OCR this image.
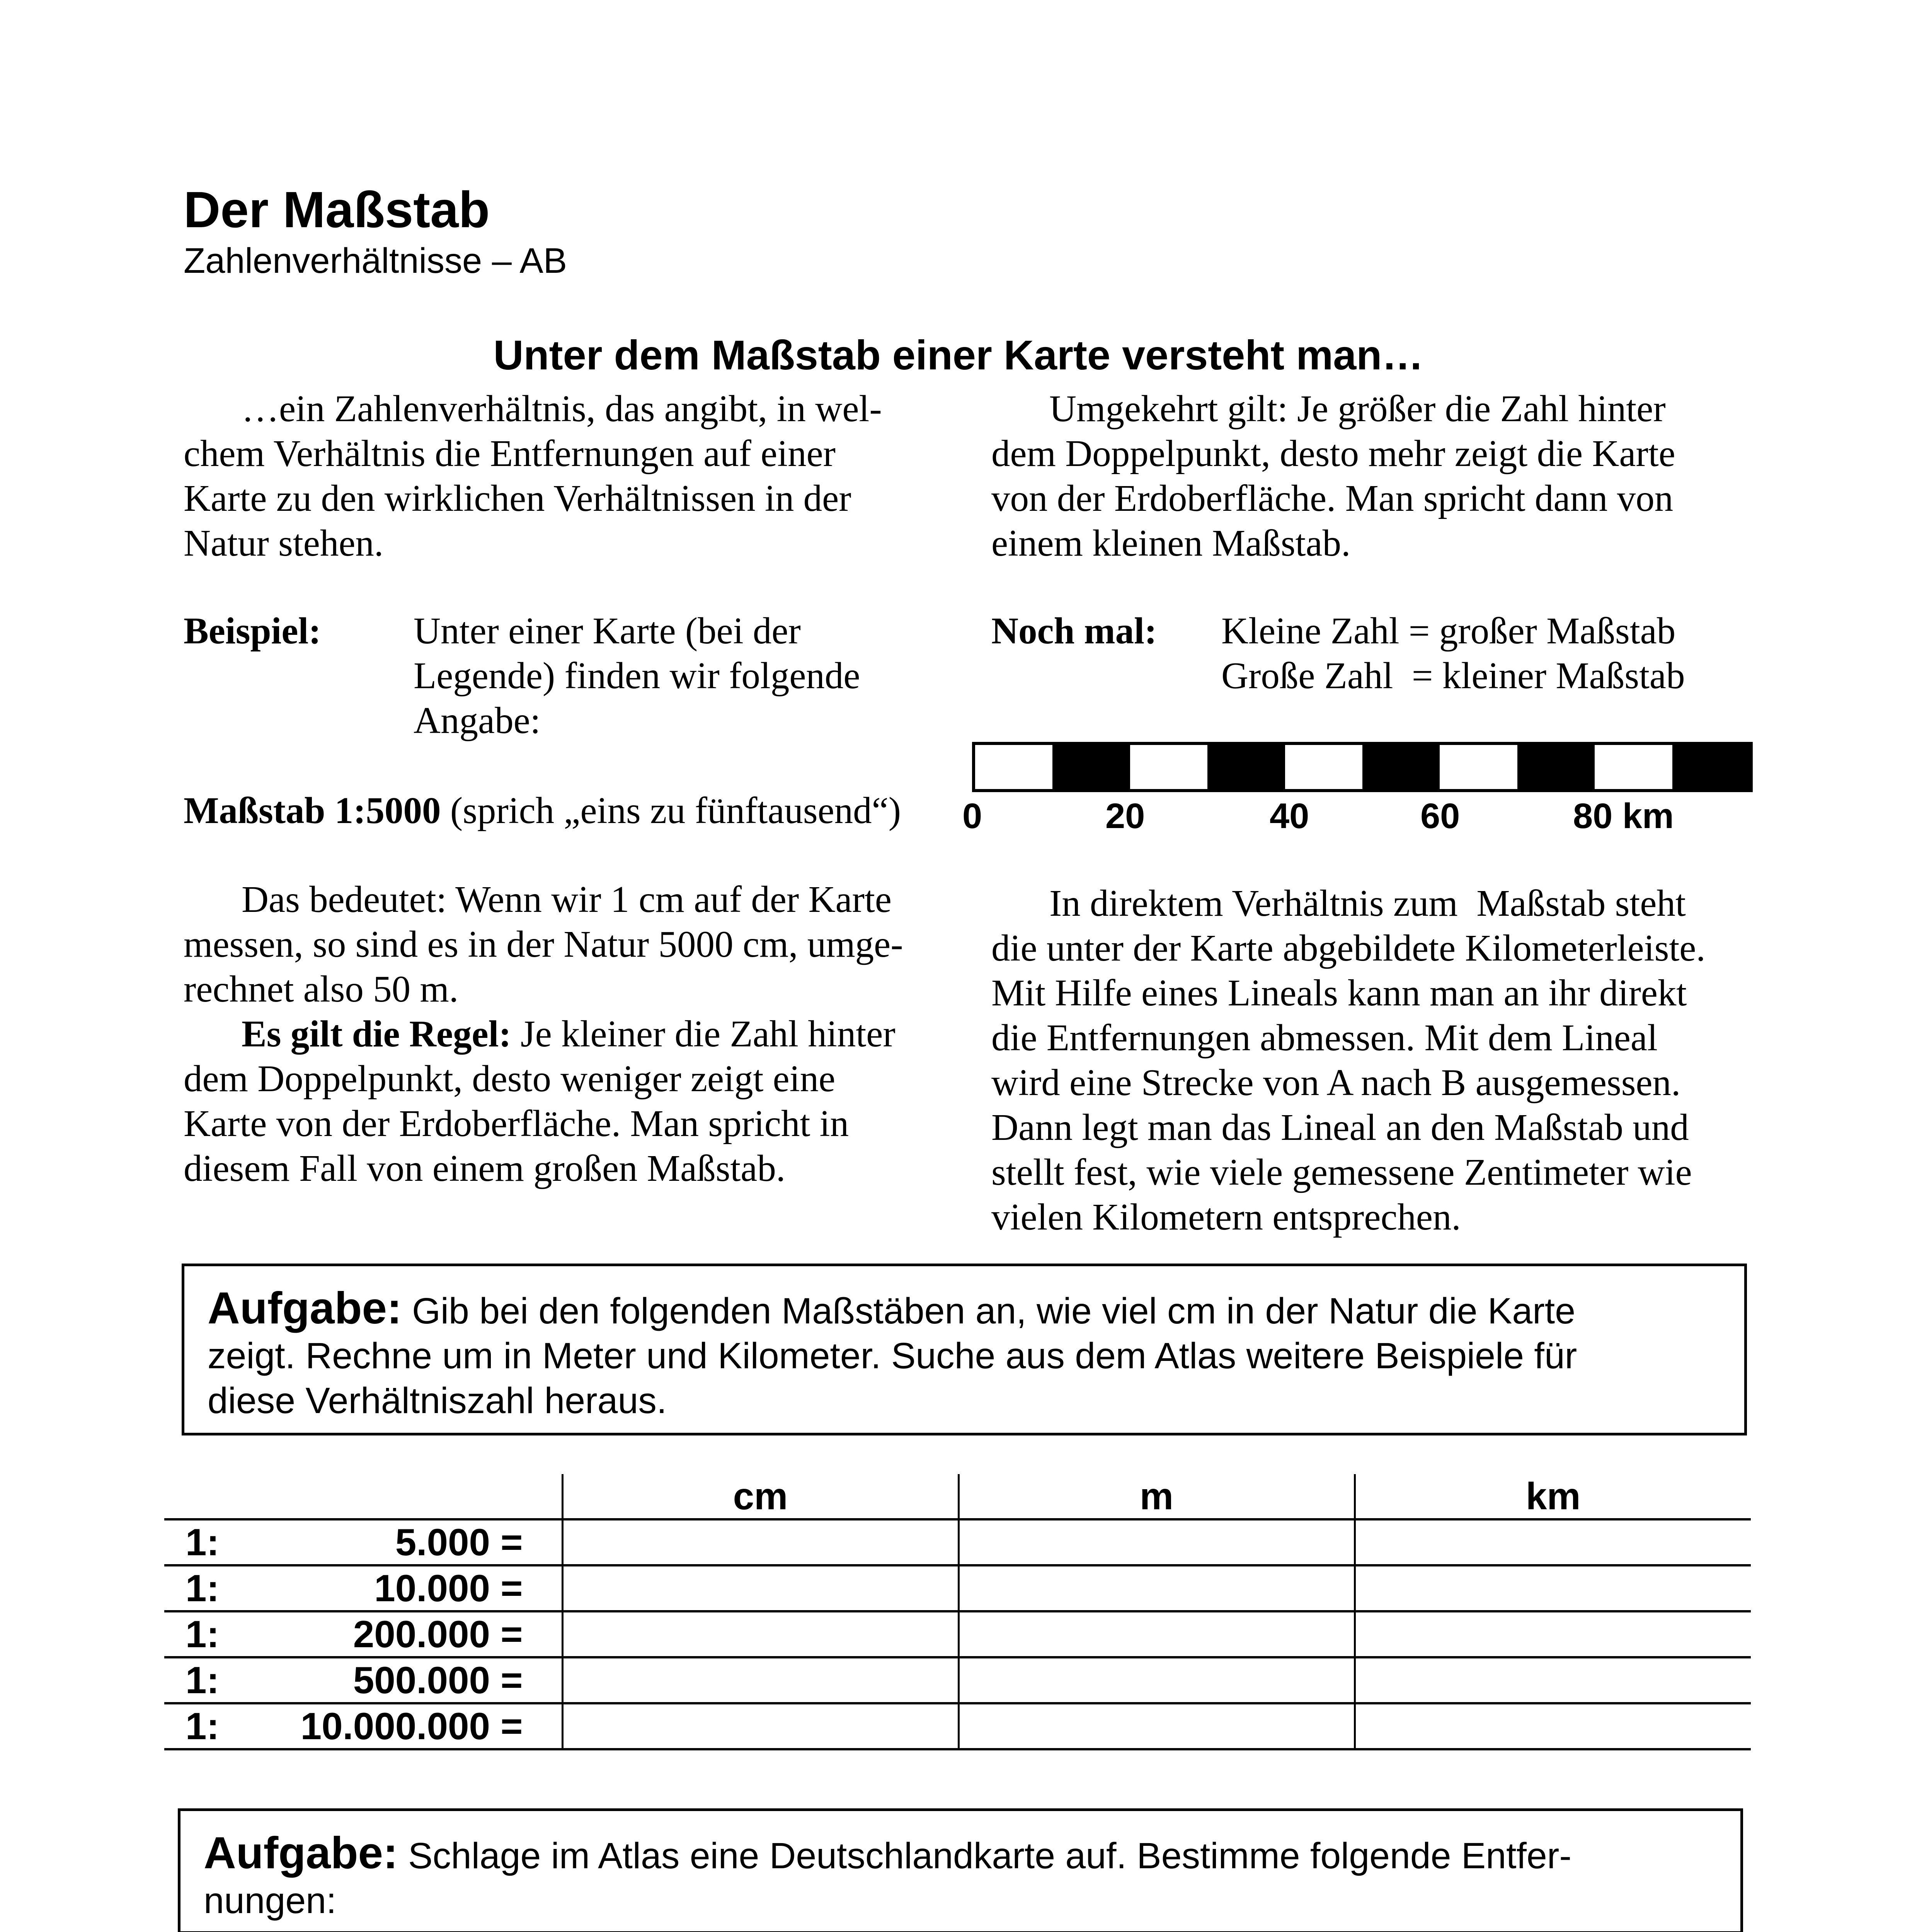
Der Maßstab
Zahlenverhältnisse – AB
Unter dem Maßstab einer Karte versteht man…
…ein Zahlenverhältnis, das angibt, in wel-
chem Verhältnis die Entfernungen auf einer
Karte zu den wirklichen Verhältnissen in der
Natur stehen.
Umgekehrt gilt: Je größer die Zahl hinter
dem Doppelpunkt, desto mehr zeigt die Karte
von der Erdoberfläche. Man spricht dann von
einem kleinen Maßstab.
Beispiel: Unter einer Karte (bei der
Legende) finden wir folgende
Angabe:
Maßstab 1:5000 (sprich „eins zu fünftausend“)
Noch mal: Kleine Zahl = großer Maßstab
Große Zahl  = kleiner Maßstab
0	20	40	60	80 km
Das bedeutet: Wenn wir 1 cm auf der Karte
messen, so sind es in der Natur 5000 cm, umge-
rechnet also 50 m.
Es gilt die Regel: Je kleiner die Zahl hinter
dem Doppelpunkt, desto weniger zeigt eine
Karte von der Erdoberfläche. Man spricht in
diesem Fall von einem großen Maßstab.
In direktem Verhältnis zum  Maßstab steht
die unter der Karte abgebildete Kilometerleiste.
Mit Hilfe eines Lineals kann man an ihr direkt
die Entfernungen abmessen. Mit dem Lineal
wird eine Strecke von A nach B ausgemessen.
Dann legt man das Lineal an den Maßstab und
stellt fest, wie viele gemessene Zentimeter wie
vielen Kilometern entsprechen.
Aufgabe: Gib bei den folgenden Maßstäben an, wie viel cm in der Natur die Karte
zeigt. Rechne um in Meter und Kilometer. Suche aus dem Atlas weitere Beispiele für
diese Verhältniszahl heraus.
	cm	m	km

1: 5.000 =			

1: 10.000 =			

1: 200.000 =			

1: 500.000 =			

1: 10.000.000 =			

Aufgabe: Schlage im Atlas eine Deutschlandkarte auf. Bestimme folgende Entfer-
nungen:
